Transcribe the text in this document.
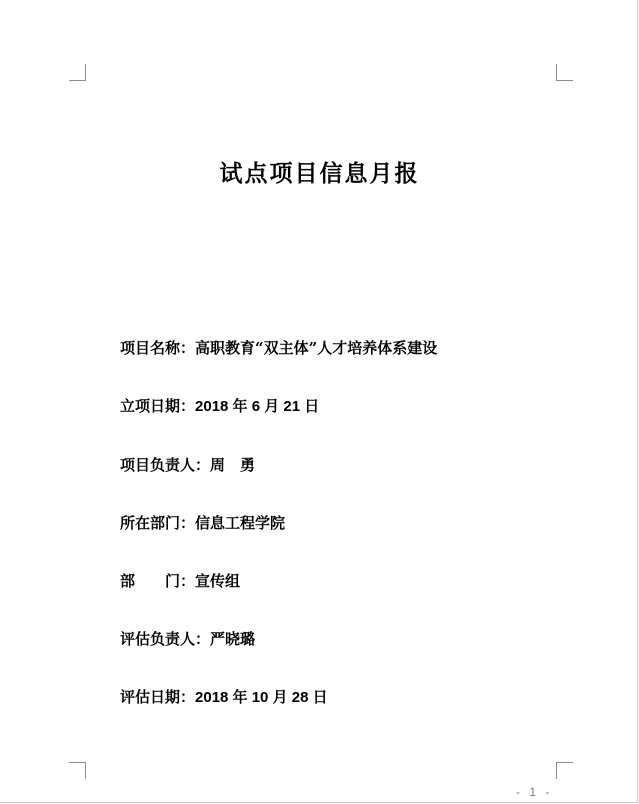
试点项目信息月报
项目名称：高职教育“双主体”人才培养体系建设
立项日期：2018 年 6 月 21 日
项目负责人：周　勇
所在部门：信息工程学院
部　　门：宣传组
评估负责人：严晓璐
评估日期：2018 年 10 月 28 日
- 1 -
